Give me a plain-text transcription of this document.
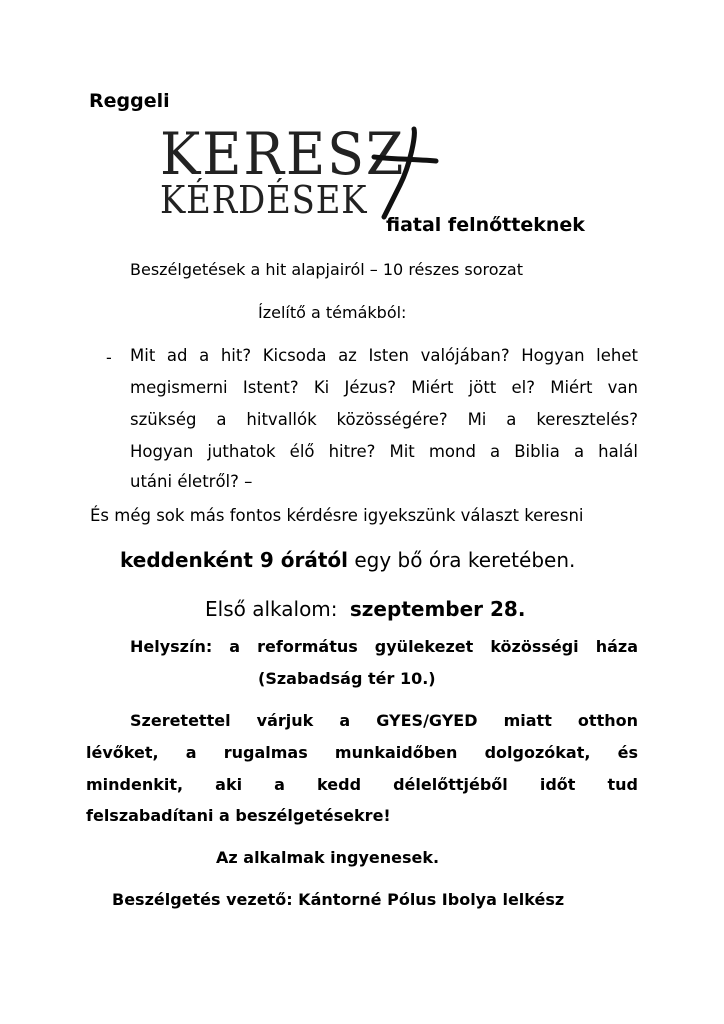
Reggeli
KERESZ
KÉRDÉSEK
fiatal felnőtteknek
Beszélgetések a hit alapjairól – 10 részes sorozat
Ízelítő a témákból:
- Mit ad a hit? Kicsoda az Isten valójában? Hogyan lehet
megismerni Istent? Ki Jézus? Miért jött el? Miért van
szükség a hitvallók közösségére? Mi a keresztelés?
Hogyan juthatok élő hitre? Mit mond a Biblia a halál
utáni életről? –
És még sok más fontos kérdésre igyekszünk választ keresni
keddenként 9 órától egy bő óra keretében.
Első alkalom: szeptember 28.
Helyszín: a református gyülekezet közösségi háza
(Szabadság tér 10.)
Szeretettel várjuk a GYES/GYED miatt otthon
lévőket, a rugalmas munkaidőben dolgozókat, és
mindenkit, aki a kedd délelőttjéből időt tud
felszabadítani a beszélgetésekre!
Az alkalmak ingyenesek.
Beszélgetés vezető: Kántorné Pólus Ibolya lelkész
